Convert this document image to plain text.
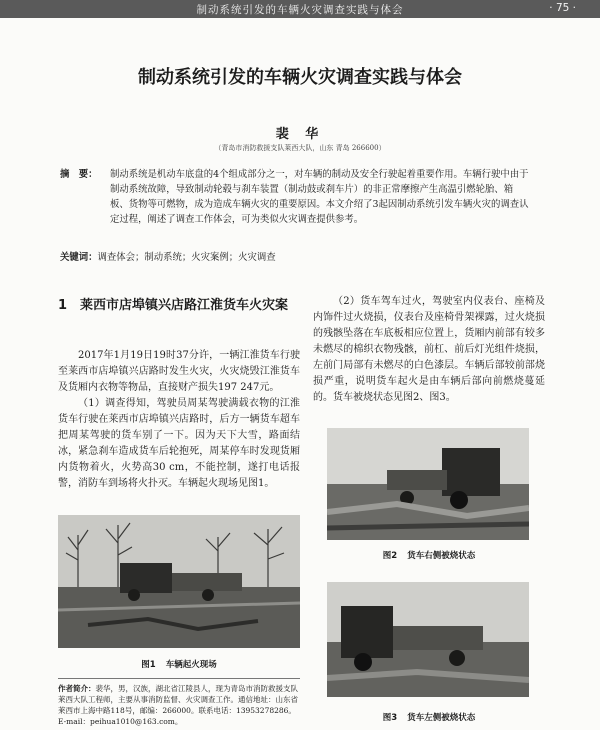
制动系统引发的车辆火灾调查实践与体会	· 75 ·
制动系统引发的车辆火灾调查实践与体会
裴 华
（青岛市消防救援支队莱西大队，山东 青岛 266600）
摘　要：	制动系统是机动车底盘的4个组成部分之一，对车辆的制动及安全行驶起着重要作用。车辆行驶中由于制动系统故障，导致制动轮毂与刹车装置（制动鼓或刹车片）的非正常摩擦产生高温引燃轮胎、箱板、货物等可燃物，成为造成车辆火灾的重要原因。本文介绍了3起因制动系统引发车辆火灾的调查认定过程，阐述了调查工作体会，可为类似火灾调查提供参考。
关键词：调查体会；制动系统；火灾案例；火灾调查
1　莱西市店埠镇兴店路江淮货车火灾案

2017年1月19日19时37分许，一辆江淮货车行驶至莱西市店埠镇兴店路时发生火灾，火灾烧毁江淮货车及货厢内衣物等物品，直接财产损失197 247元。

（1）调查得知，驾驶员周某驾驶满载衣物的江淮货车行驶在莱西市店埠镇兴店路时，后方一辆货车超车把周某驾驶的货车别了一下。因为天下大雪，路面结冰，紧急刹车造成货车后轮抱死，周某停车时发现货厢内货物着火，火势高30 cm，不能控制，遂打电话报警，消防车到场将火扑灭。车辆起火现场见图1。

（2）货车驾车过火，驾驶室内仪表台、座椅及内饰件过火烧损，仪表台及座椅骨架裸露，过火烧损的残骸坠落在车底板相应位置上，货厢内前部有较多未燃尽的棉织衣物残骸，前杠、前后灯光组件烧损，左前门局部有未燃尽的白色漆层。车辆后部较前部烧损严重，说明货车起火是由车辆后部向前燃烧蔓延的。货车被烧状态见图2、图3。

图1 车辆起火现场
图2 货车右侧被烧状态
图3 货车左侧被烧状态
作者简介：裴华，男，汉族，湖北省江陵县人，现为青岛市消防救援支队莱西大队工程师，主要从事消防监督、火灾调查工作。通信地址：山东省莱西市上海中路118号，邮编：266000。联系电话：13953278286。E-mail：peihua1010@163.com。
